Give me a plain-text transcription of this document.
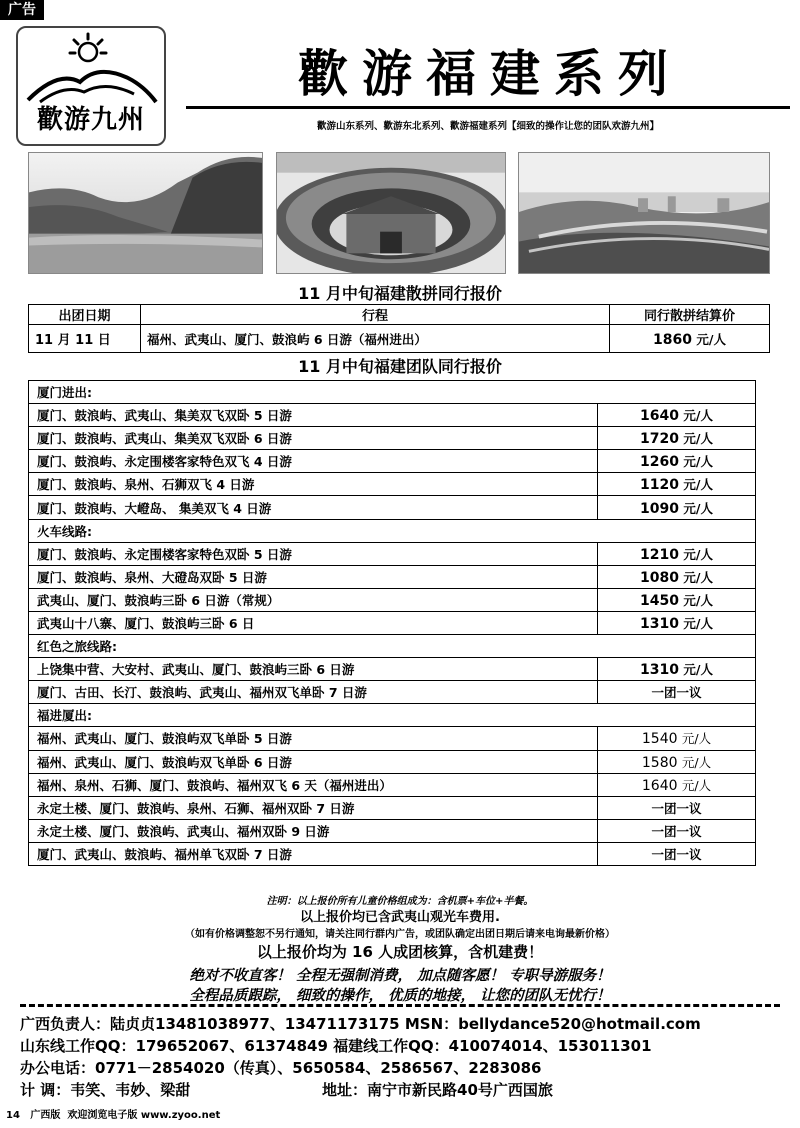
广告
歡游九州
歡游福建系列
歡游山东系列、歡游东北系列、歡游福建系列【细致的操作让您的团队欢游九州】
11 月中旬福建散拼同行报价
出团日期	行程	同行散拼结算价
11 月 11 日	福州、武夷山、厦门、鼓浪屿 6 日游（福州进出）	1860 元/人
11 月中旬福建团队同行报价
厦门进出:	
厦门、鼓浪屿、武夷山、集美双飞双卧 5 日游	1640 元/人
厦门、鼓浪屿、武夷山、集美双飞双卧 6 日游	1720 元/人
厦门、鼓浪屿、永定围楼客家特色双飞 4 日游	1260 元/人
厦门、鼓浪屿、泉州、石狮双飞 4 日游	1120 元/人
厦门、鼓浪屿、大嶝岛、 集美双飞 4 日游	1090 元/人
火车线路:	
厦门、鼓浪屿、永定围楼客家特色双卧 5 日游	1210 元/人
厦门、鼓浪屿、泉州、大磴岛双卧 5 日游	1080 元/人
武夷山、厦门、鼓浪屿三卧 6 日游（常规）	1450 元/人
武夷山十八寨、厦门、鼓浪屿三卧 6 日	1310 元/人
红色之旅线路:	
上饶集中营、大安村、武夷山、厦门、鼓浪屿三卧 6 日游	1310 元/人
厦门、古田、长汀、鼓浪屿、武夷山、福州双飞单卧 7 日游	一团一议
福进厦出:	
福州、武夷山、厦门、鼓浪屿双飞单卧 5 日游	1540 元/人
福州、武夷山、厦门、鼓浪屿双飞单卧 6 日游	1580 元/人
福州、泉州、石狮、厦门、鼓浪屿、福州双飞 6 天（福州进出）	1640 元/人
永定土楼、厦门、鼓浪屿、泉州、石狮、福州双卧 7 日游	一团一议
永定土楼、厦门、鼓浪屿、武夷山、福州双卧 9 日游	一团一议
厦门、武夷山、鼓浪屿、福州单飞双卧 7 日游	一团一议
注明：以上报价所有儿童价格组成为：含机票+车位+半餐。
以上报价均已含武夷山观光车费用.
（如有价格调整恕不另行通知，请关注同行群内广告，或团队确定出团日期后请来电询最新价格）
以上报价均为 16 人成团核算，含机建费！
绝对不收直客！ 全程无强制消费， 加点随客愿！ 专职导游服务！
全程品质跟踪， 细致的操作， 优质的地接， 让您的团队无忧行！
广西负责人：陆贞贞13481038977、13471173175 MSN：bellydance520@hotmail.com
山东线工作QQ：179652067、61374849 福建线工作QQ：410074014、153011301
办公电话：0771－2854020（传真）、5650584、2586567、2283086
计 调：韦笑、韦妙、梁甜	地址：南宁市新民路40号广西国旅
14 广西版 欢迎浏览电子版 www.zyoo.net
